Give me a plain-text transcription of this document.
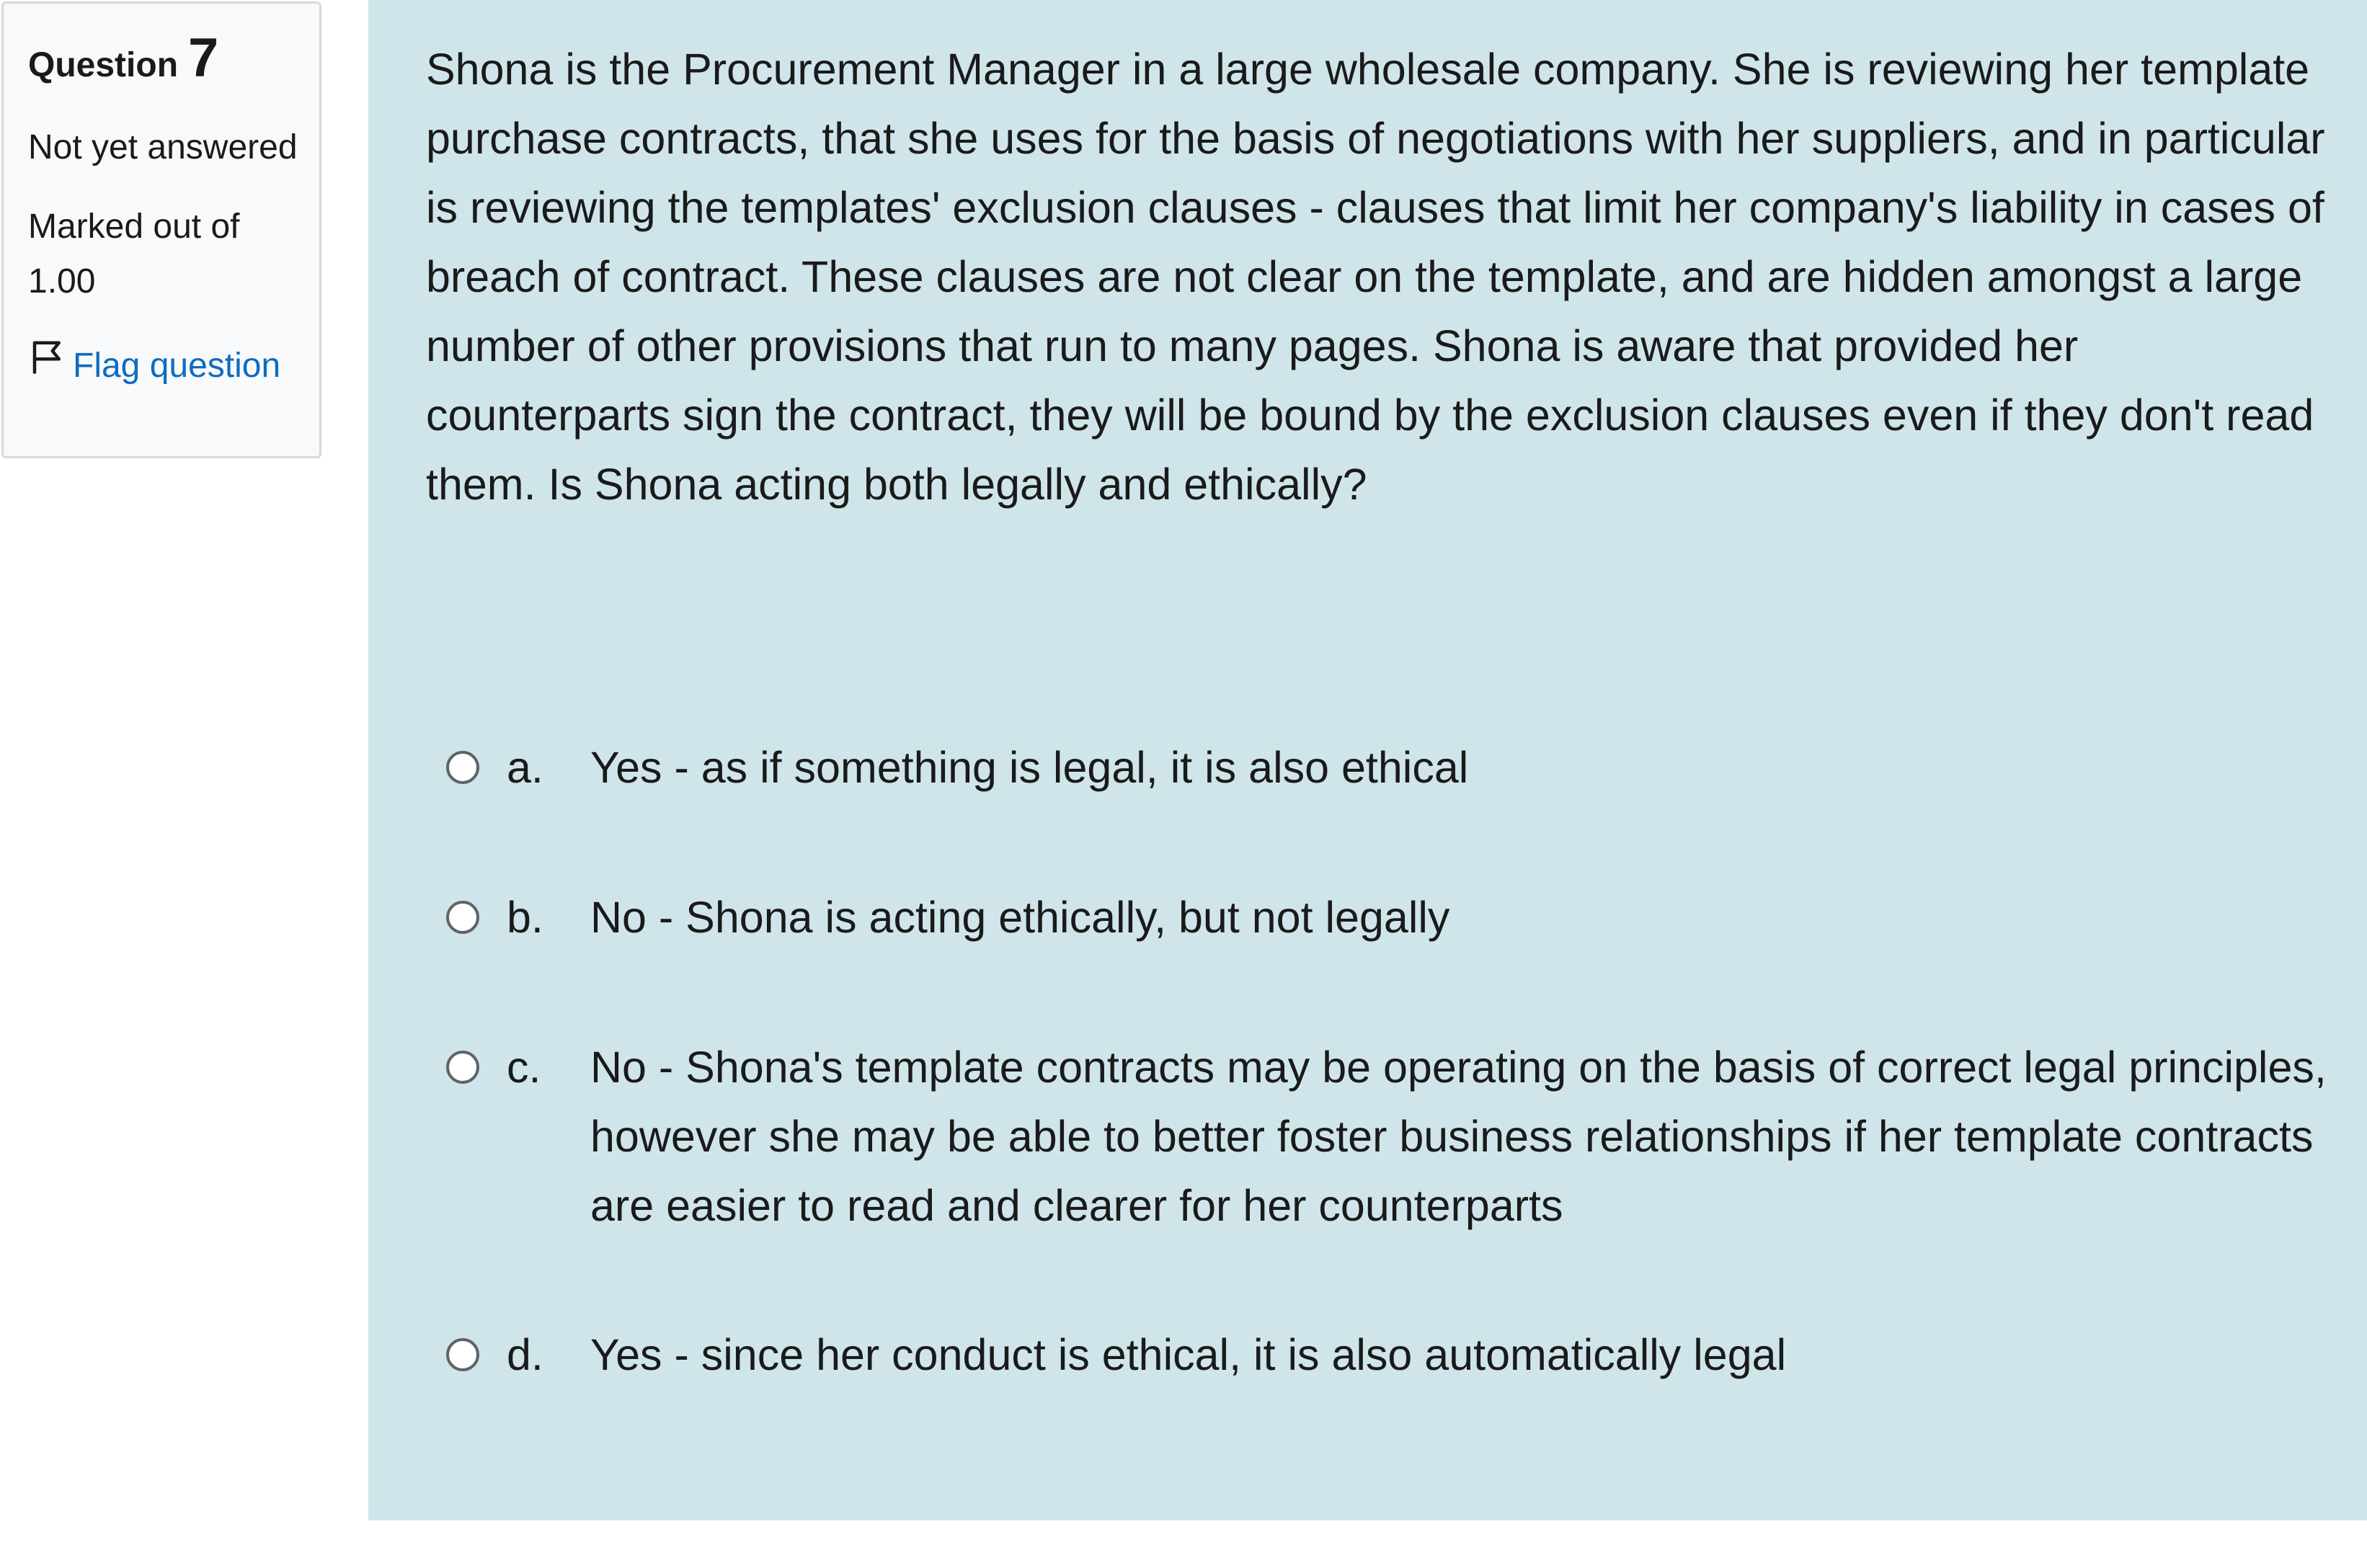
Question 7
Not yet answered
Marked out of 1.00
Flag question

Shona is the Procurement Manager in a large wholesale company. She is reviewing her template purchase contracts, that she uses for the basis of negotiations with her suppliers, and in particular is reviewing the templates' exclusion clauses - clauses that limit her company's liability in cases of breach of contract. These clauses are not clear on the template, and are hidden amongst a large number of other provisions that run to many pages. Shona is aware that provided her counterparts sign the contract, they will be bound by the exclusion clauses even if they don't read them. Is Shona acting both legally and ethically?

a. Yes - as if something is legal, it is also ethical
b. No - Shona is acting ethically, but not legally
c. No - Shona's template contracts may be operating on the basis of correct legal principles, however she may be able to better foster business relationships if her template contracts are easier to read and clearer for her counterparts
d. Yes - since her conduct is ethical, it is also automatically legal
